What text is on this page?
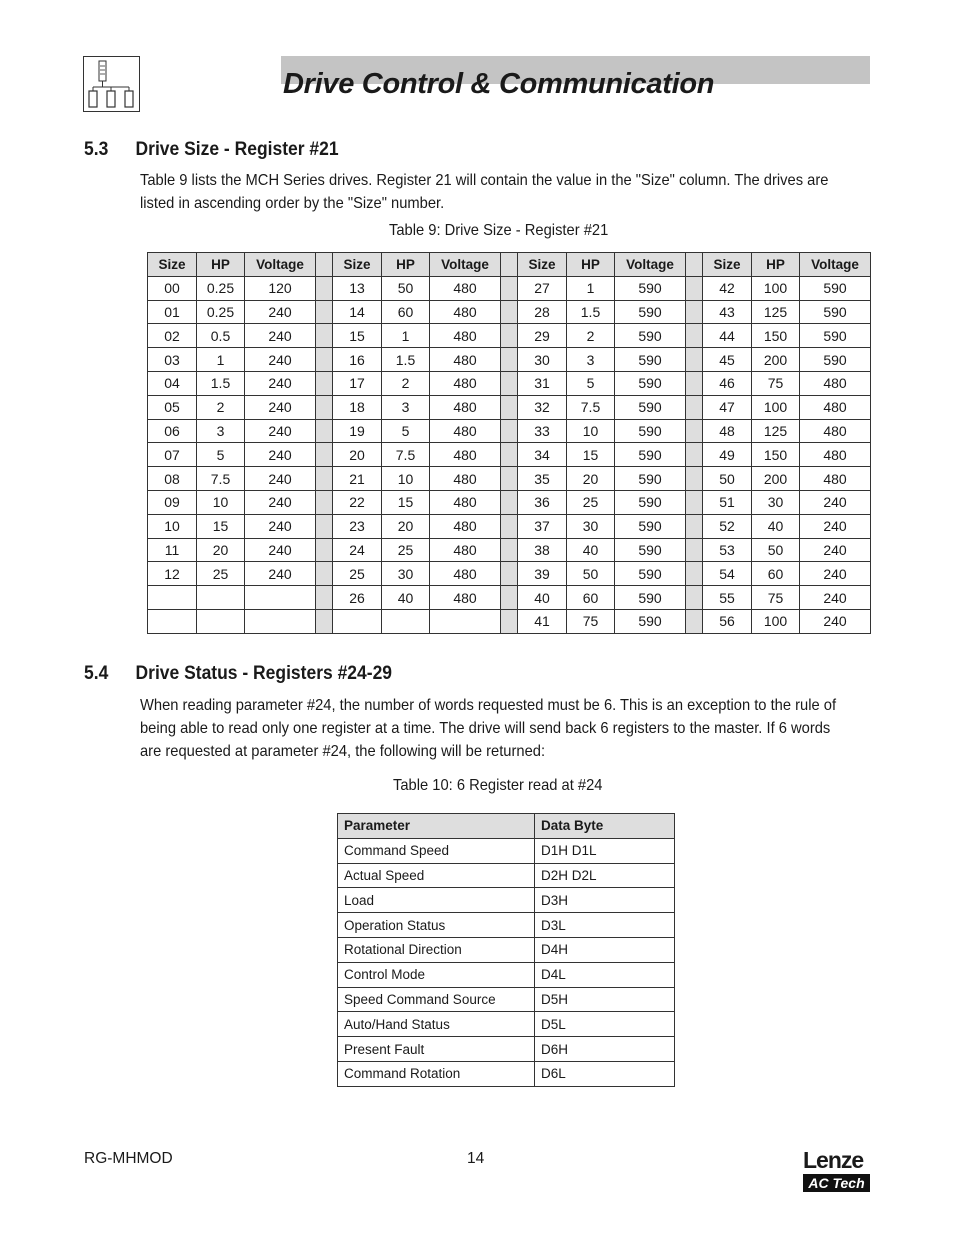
Drive Control & Communication
5.3 Drive Size - Register #21
Table 9 lists the MCH Series drives. Register 21 will contain the value in the "Size" column. The drives are listed in ascending order by the "Size" number.
Table 9: Drive Size - Register #21
Size	HP	Voltage		Size	HP	Voltage		Size	HP	Voltage		Size	HP	Voltage
00	0.25	120		13	50	480		27	1	590		42	100	590
01	0.25	240		14	60	480		28	1.5	590		43	125	590
02	0.5	240		15	1	480		29	2	590		44	150	590
03	1	240		16	1.5	480		30	3	590		45	200	590
04	1.5	240		17	2	480		31	5	590		46	75	480
05	2	240		18	3	480		32	7.5	590		47	100	480
06	3	240		19	5	480		33	10	590		48	125	480
07	5	240		20	7.5	480		34	15	590		49	150	480
08	7.5	240		21	10	480		35	20	590		50	200	480
09	10	240		22	15	480		36	25	590		51	30	240
10	15	240		23	20	480		37	30	590		52	40	240
11	20	240		24	25	480		38	40	590		53	50	240
12	25	240		25	30	480		39	50	590		54	60	240
				26	40	480		40	60	590		55	75	240
								41	75	590		56	100	240
5.4 Drive Status - Registers #24-29
When reading parameter #24, the number of words requested must be 6. This is an exception to the rule of being able to read only one register at a time. The drive will send back 6 registers to the master. If 6 words are requested at parameter #24, the following will be returned:
Table 10: 6 Register read at #24
Parameter	Data Byte
Command Speed	D1H D1L
Actual Speed	D2H D2L
Load	D3H
Operation Status	D3L
Rotational Direction	D4H
Control Mode	D4L
Speed Command Source	D5H
Auto/Hand Status	D5L
Present Fault	D6H
Command Rotation	D6L
RG-MHMOD	14	Lenze
AC Tech
